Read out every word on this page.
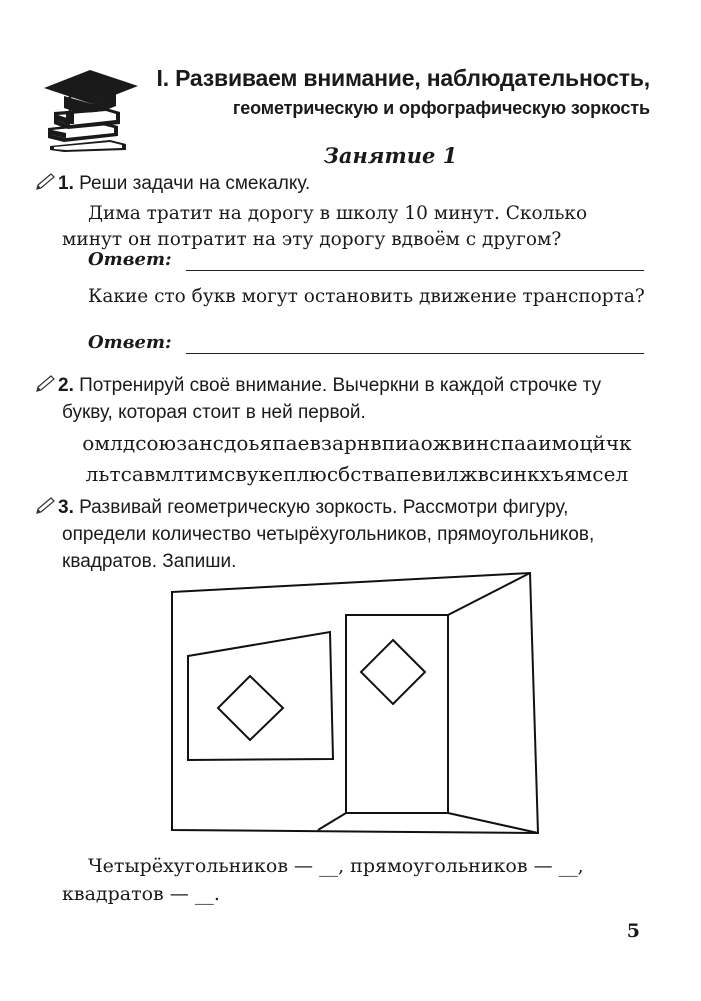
I. Развиваем внимание, наблюдательность,
геометрическую и орфографическую зоркость
Занятие 1
1. Реши задачи на смекалку.
Дима тратит на дорогу в школу 10 минут. Сколько минут он потратит на эту дорогу вдвоём с другом?
Ответ:
Какие сто букв могут остановить движение транспорта?
Ответ:
2. Потренируй своё внимание. Вычеркни в каждой строчке ту
букву, которая стоит в ней первой.
омлдсоюзансдоьяпаевзарнвпиаожвинспааимоцйчк
льтсавмлтимсвукеплюсбствапевилжвсинкхъямсел
3. Развивай геометрическую зоркость. Рассмотри фигуру,
определи количество четырёхугольников, прямоугольников,
квадратов. Запиши.
Четырёхугольников — __, прямоугольников — __,
квадратов — __.
5
